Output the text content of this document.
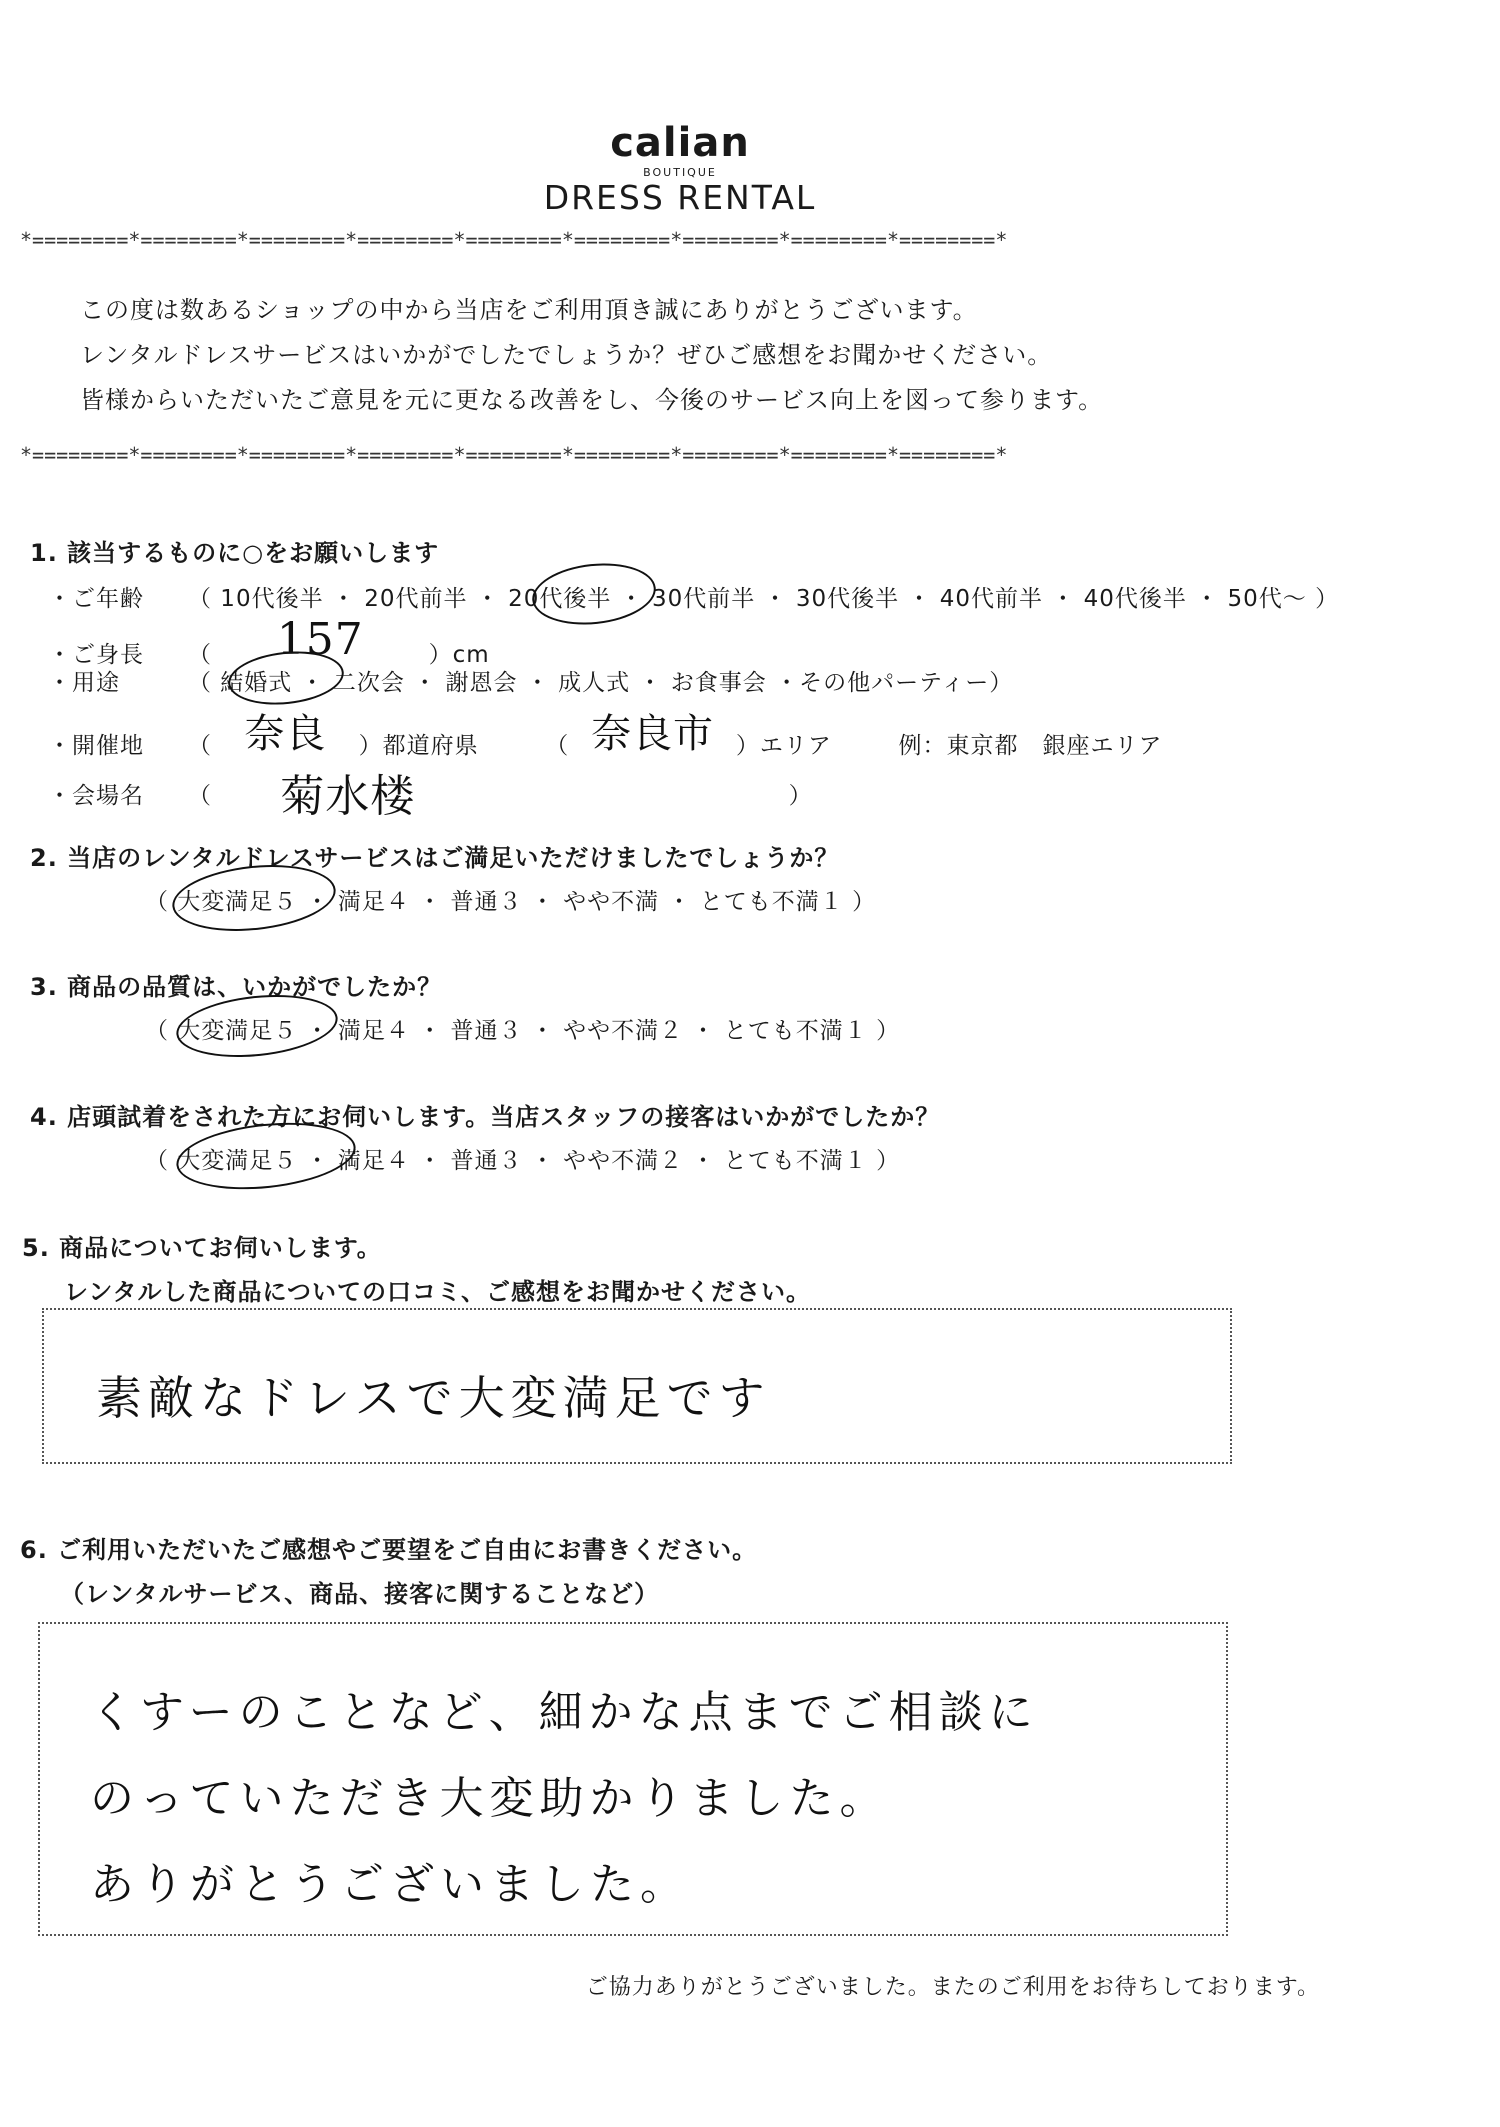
calian
BOUTIQUE
DRESS RENTAL
*========*========*========*========*========*========*========*========*========*
この度は数あるショップの中から当店をご利用頂き誠にありがとうございます。
レンタルドレスサービスはいかがでしたでしょうか？ぜひご感想をお聞かせください。
皆様からいただいたご意見を元に更なる改善をし、今後のサービス向上を図って参ります。
*========*========*========*========*========*========*========*========*========*
1. 該当するものに○をお願いします
・ご年齢 （ 10代後半 ・ 20代前半 ・ 20代後半 ・ 30代前半 ・ 30代後半 ・ 40代前半 ・ 40代後半 ・ 50代〜 ）
・ご身長 （ 157	）cm
・用途	（ 結婚式 ・ 二次会 ・ 謝恩会 ・ 成人式 ・ お食事会 ・その他パーティー）
・開催地 （ 奈良 ）都道府県	（ 奈良市 ）エリア	例：東京都　銀座エリア
・会場名 （ 菊水楼	）
2. 当店のレンタルドレスサービスはご満足いただけましたでしょうか？
（ 大変満足５ ・ 満足４ ・ 普通３ ・ やや不満 ・ とても不満１ ）
3. 商品の品質は、いかがでしたか？
（ 大変満足５ ・ 満足４ ・ 普通３ ・ やや不満２ ・ とても不満１ ）
4. 店頭試着をされた方にお伺いします。当店スタッフの接客はいかがでしたか？
（ 大変満足５ ・ 満足４ ・ 普通３ ・ やや不満２ ・ とても不満１ ）
5. 商品についてお伺いします。
レンタルした商品についての口コミ、ご感想をお聞かせください。
素敵なドレスで大変満足です
6. ご利用いただいたご感想やご要望をご自由にお書きください。
（レンタルサービス、商品、接客に関することなど）
くすーのことなど、細かな点までご相談に
のっていただき大変助かりました。
ありがとうございました。
ご協力ありがとうございました。またのご利用をお待ちしております。
